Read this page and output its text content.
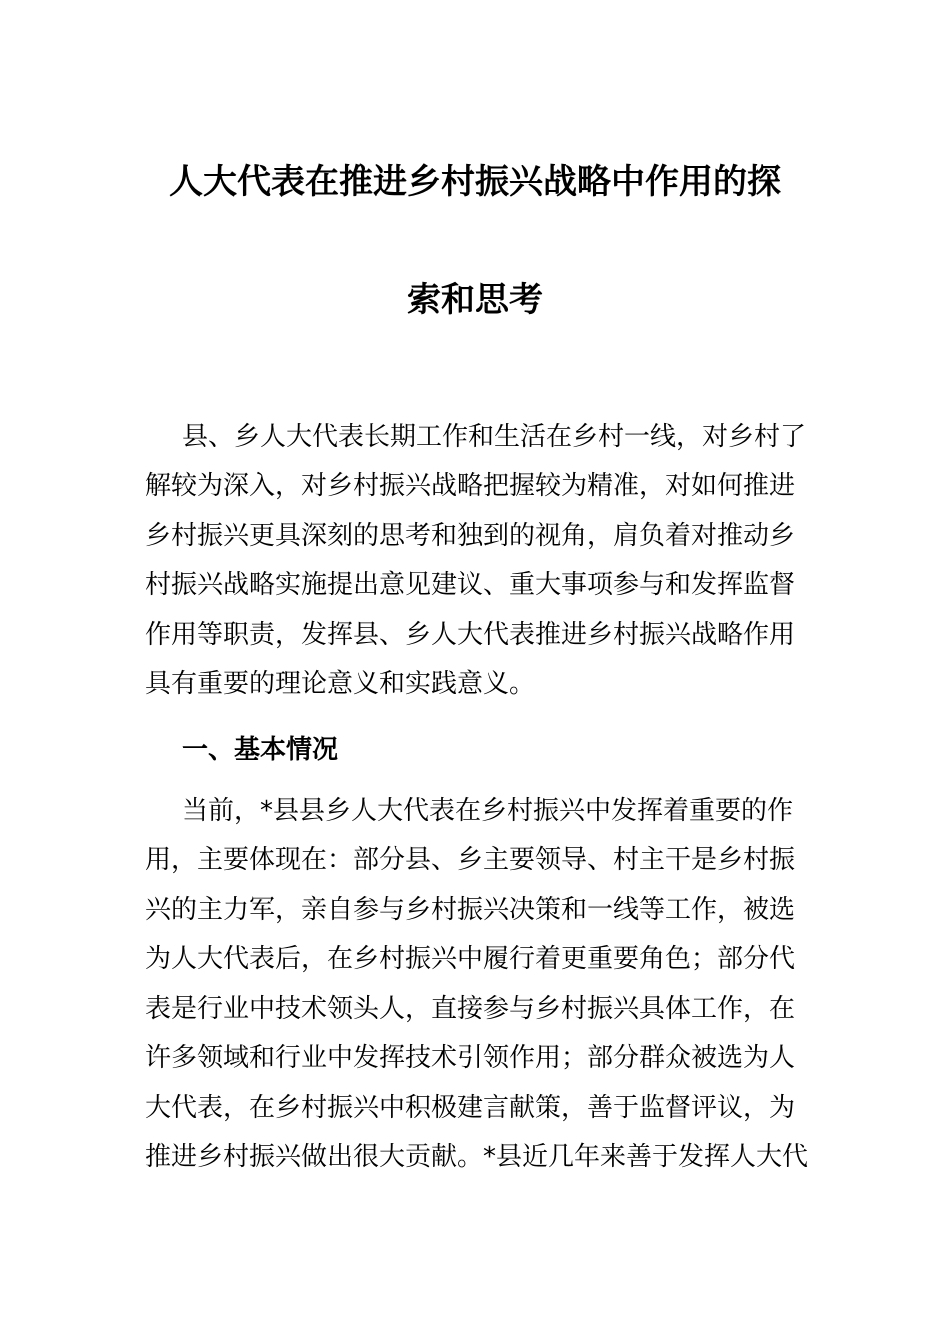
人大代表在推进乡村振兴战略中作用的探
索和思考
县、乡人大代表长期工作和生活在乡村一线，对乡村了
解较为深入，对乡村振兴战略把握较为精准，对如何推进
乡村振兴更具深刻的思考和独到的视角，肩负着对推动乡
村振兴战略实施提出意见建议、重大事项参与和发挥监督
作用等职责，发挥县、乡人大代表推进乡村振兴战略作用
具有重要的理论意义和实践意义。
一、基本情况
当前，*县县乡人大代表在乡村振兴中发挥着重要的作
用，主要体现在：部分县、乡主要领导、村主干是乡村振
兴的主力军，亲自参与乡村振兴决策和一线等工作，被选
为人大代表后，在乡村振兴中履行着更重要角色；部分代
表是行业中技术领头人，直接参与乡村振兴具体工作，在
许多领域和行业中发挥技术引领作用；部分群众被选为人
大代表，在乡村振兴中积极建言献策，善于监督评议，为
推进乡村振兴做出很大贡献。*县近几年来善于发挥人大代
